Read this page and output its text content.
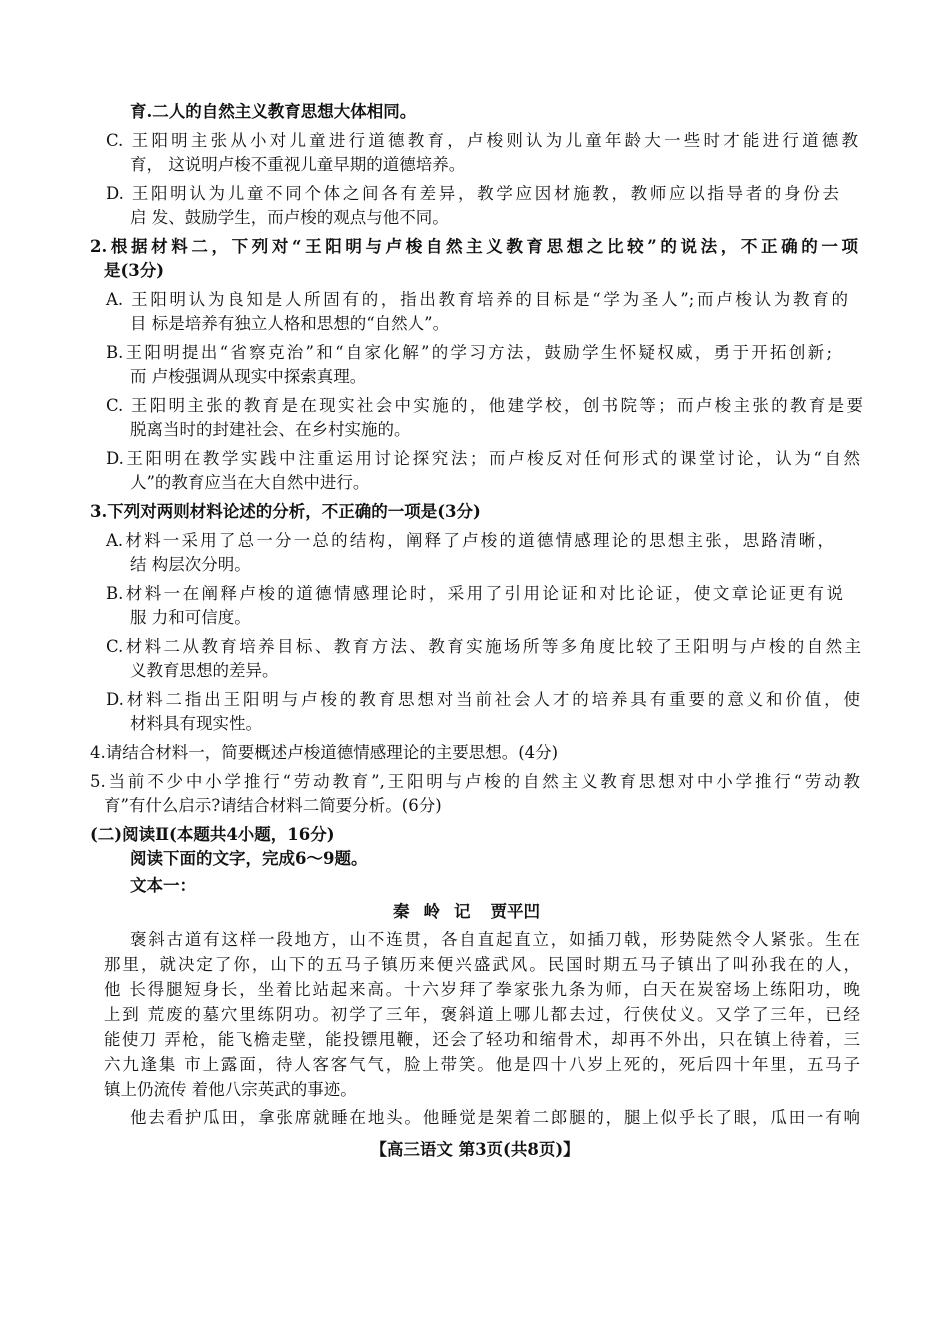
育.二人的自然主义教育思想大体相同。
C. 王阳明主张从小对儿童进行道德教育，卢梭则认为儿童年龄大一些时才能进行道德教
育， 这说明卢梭不重视儿童早期的道德培养。
D. 王阳明认为儿童不同个体之间各有差异，教学应因材施教，教师应以指导者的身份去
启 发、鼓励学生，而卢梭的观点与他不同。
2.根据材料二，下列对“王阳明与卢梭自然主义教育思想之比较”的说法，不正确的一项
是(3分)
A. 王阳明认为良知是人所固有的，指出教育培养的目标是“学为圣人”;而卢梭认为教育的
目 标是培养有独立人格和思想的“自然人”。
B.王阳明提出“省察克治”和“自家化解”的学习方法，鼓励学生怀疑权威，勇于开拓创新;
而 卢梭强调从现实中探索真理。
C. 王阳明主张的教育是在现实社会中实施的，他建学校，创书院等；而卢梭主张的教育是要
脱离当时的封建社会、在乡村实施的。
D.王阳明在教学实践中注重运用讨论探究法；而卢梭反对任何形式的课堂讨论，认为“自然
人”的教育应当在大自然中进行。
3.下列对两则材料论述的分析，不正确的一项是(3分)
A.材料一采用了总一分一总的结构，阐释了卢梭的道德情感理论的思想主张，思路清晰，
结 构层次分明。
B.材料一在阐释卢梭的道德情感理论时，采用了引用论证和对比论证，使文章论证更有说
服 力和可信度。
C.材料二从教育培养目标、教育方法、教育实施场所等多角度比较了王阳明与卢梭的自然主
义教育思想的差异。
D.材料二指出王阳明与卢梭的教育思想对当前社会人才的培养具有重要的意义和价值，使
材料具有现实性。
4.请结合材料一，简要概述卢梭道德情感理论的主要思想。(4分)
5.当前不少中小学推行“劳动教育”,王阳明与卢梭的自然主义教育思想对中小学推行“劳动教
育”有什么启示?请结合材料二简要分析。(6分)
(二)阅读Ⅱ(本题共4小题，16分)
阅读下面的文字，完成6～9题。
文本一：
秦岭记 贾平凹
褒斜古道有这样一段地方，山不连贯，各自直起直立，如插刀戟，形势陡然令人紧张。生在
那里，就决定了你，山下的五马子镇历来便兴盛武风。民国时期五马子镇出了叫孙我在的人，
他 长得腿短身长，坐着比站起来高。十六岁拜了拳家张九条为师，白天在炭窑场上练阳功，晚
上到 荒废的墓穴里练阴功。初学了三年，褒斜道上哪儿都去过，行侠仗义。又学了三年，已经
能使刀 弄枪，能飞檐走壁，能投镖甩鞭，还会了轻功和缩骨术，却再不外出，只在镇上待着，三
六九逢集 市上露面，待人客客气气，脸上带笑。他是四十八岁上死的，死后四十年里，五马子
镇上仍流传 着他八宗英武的事迹。
他去看护瓜田，拿张席就睡在地头。他睡觉是架着二郎腿的，腿上似乎长了眼，瓜田一有响
【高三语文 第3页(共8页)】
